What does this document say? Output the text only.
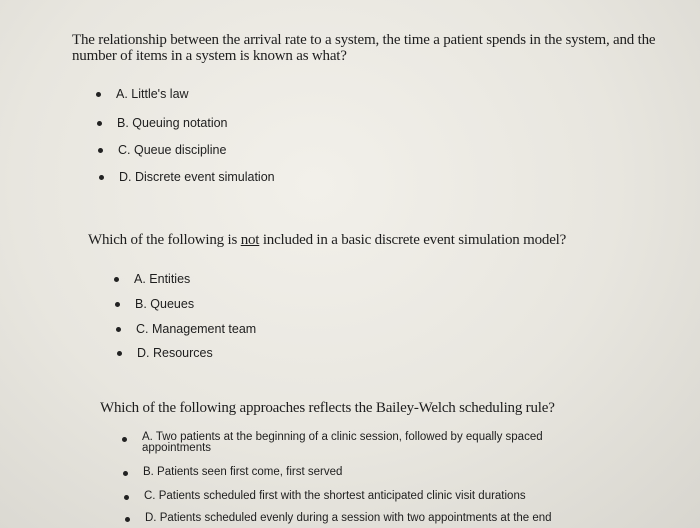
The relationship between the arrival rate to a system, the time a patient spends in the system, and the number of items in a system is known as what?
A. Little's law
B. Queuing notation
C. Queue discipline
D. Discrete event simulation
Which of the following is not included in a basic discrete event simulation model?
A. Entities
B. Queues
C. Management team
D. Resources
Which of the following approaches reflects the Bailey-Welch scheduling rule?
A. Two patients at the beginning of a clinic session, followed by equally spaced appointments
B. Patients seen first come, first served
C. Patients scheduled first with the shortest anticipated clinic visit durations
D. Patients scheduled evenly during a session with two appointments at the end
